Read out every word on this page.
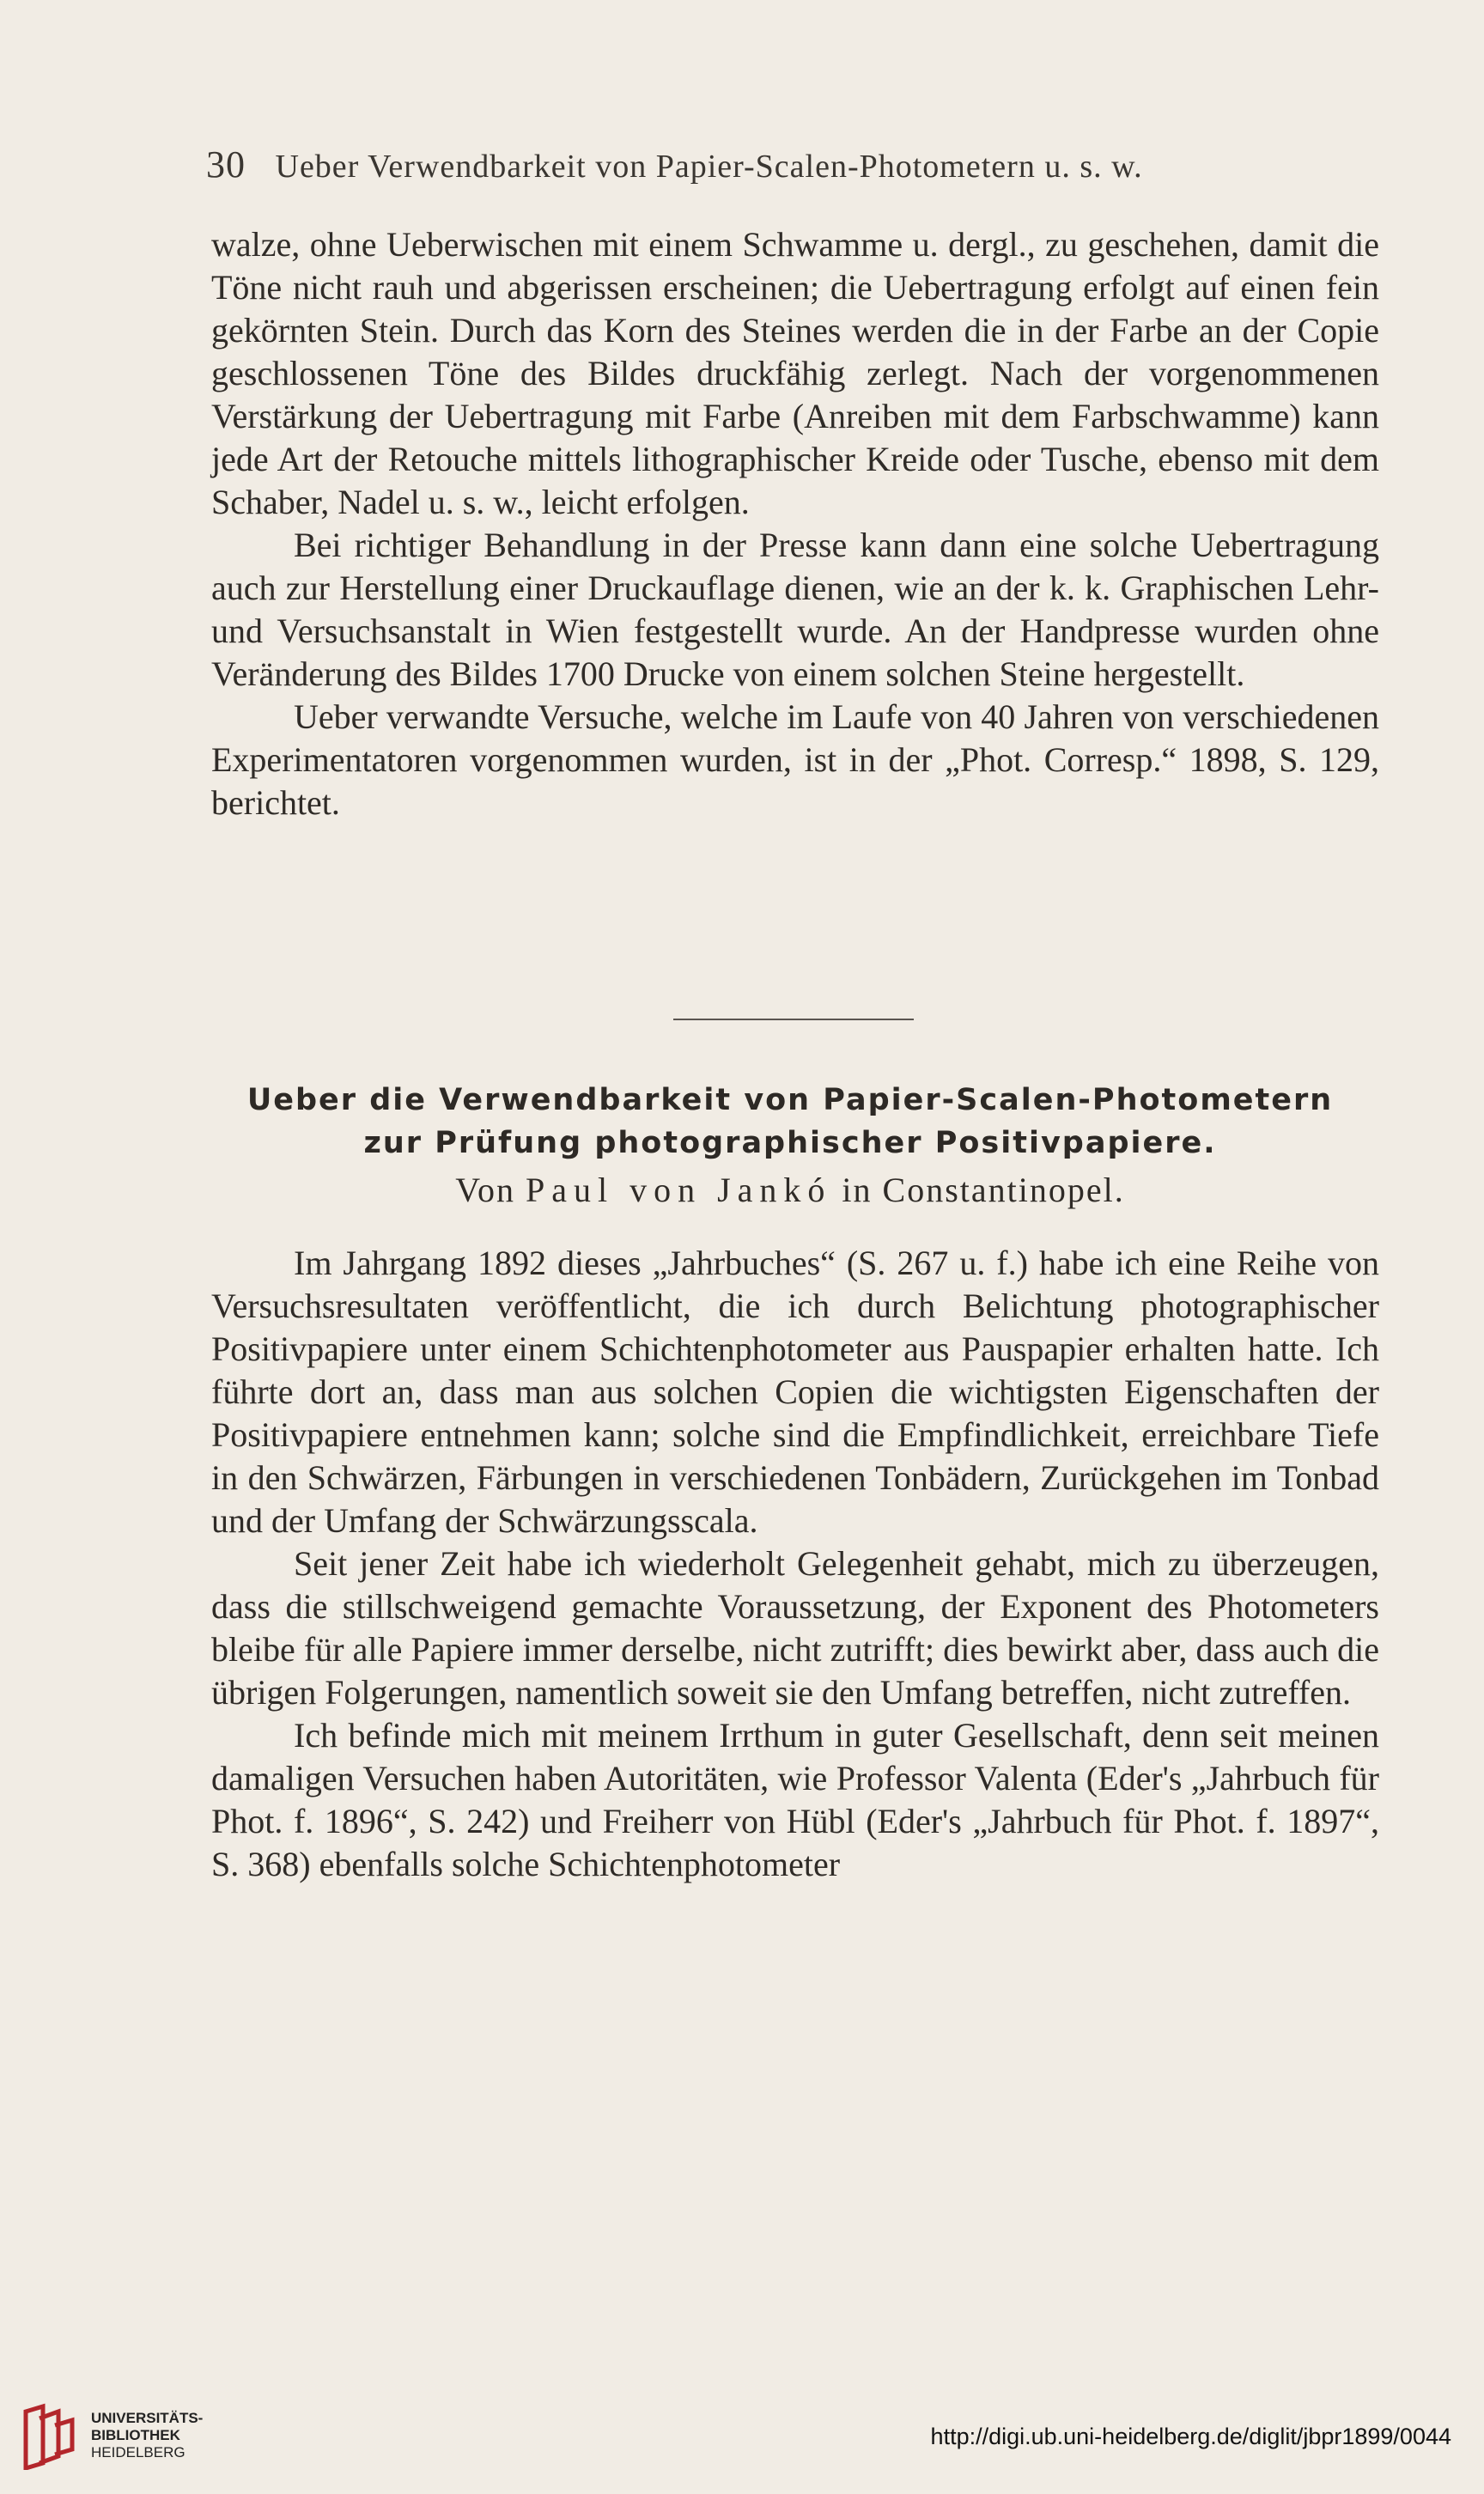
30 Ueber Verwendbarkeit von Papier-Scalen-Photometern u. s. w.

walze, ohne Ueberwischen mit einem Schwamme u. dergl., zu geschehen, damit die Töne nicht rauh und abgerissen erscheinen; die Uebertragung erfolgt auf einen fein gekörnten Stein. Durch das Korn des Steines werden die in der Farbe an der Copie geschlossenen Töne des Bildes druckfähig zerlegt. Nach der vorgenommenen Verstärkung der Uebertragung mit Farbe (Anreiben mit dem Farbschwamme) kann jede Art der Retouche mittels lithographischer Kreide oder Tusche, ebenso mit dem Schaber, Nadel u. s. w., leicht erfolgen.

Bei richtiger Behandlung in der Presse kann dann eine solche Uebertragung auch zur Herstellung einer Druckauflage dienen, wie an der k. k. Graphischen Lehr- und Versuchsanstalt in Wien festgestellt wurde. An der Handpresse wurden ohne Veränderung des Bildes 1700 Drucke von einem solchen Steine hergestellt.

Ueber verwandte Versuche, welche im Laufe von 40 Jahren von verschiedenen Experimentatoren vorgenommen wurden, ist in der „Phot. Corresp.“ 1898, S. 129, berichtet.

Ueber die Verwendbarkeit von Papier-Scalen-Photometern
zur Prüfung photographischer Positivpapiere.
Von Paul von Jankó in Constantinopel.

Im Jahrgang 1892 dieses „Jahrbuches“ (S. 267 u. f.) habe ich eine Reihe von Versuchsresultaten veröffentlicht, die ich durch Belichtung photographischer Positivpapiere unter einem Schichtenphotometer aus Pauspapier erhalten hatte. Ich führte dort an, dass man aus solchen Copien die wichtigsten Eigenschaften der Positivpapiere entnehmen kann; solche sind die Empfindlichkeit, erreichbare Tiefe in den Schwärzen, Färbungen in verschiedenen Tonbädern, Zurückgehen im Tonbad und der Umfang der Schwärzungsscala.

Seit jener Zeit habe ich wiederholt Gelegenheit gehabt, mich zu überzeugen, dass die stillschweigend gemachte Voraussetzung, der Exponent des Photometers bleibe für alle Papiere immer derselbe, nicht zutrifft; dies bewirkt aber, dass auch die übrigen Folgerungen, namentlich soweit sie den Umfang betreffen, nicht zutreffen.

Ich befinde mich mit meinem Irrthum in guter Gesellschaft, denn seit meinen damaligen Versuchen haben Autoritäten, wie Professor Valenta (Eder's „Jahrbuch für Phot. f. 1896“, S. 242) und Freiherr von Hübl (Eder's „Jahrbuch für Phot. f. 1897“, S. 368) ebenfalls solche Schichtenphotometer

UNIVERSITÄTS-
BIBLIOTHEK
HEIDELBERG
http://digi.ub.uni-heidelberg.de/diglit/jbpr1899/0044
